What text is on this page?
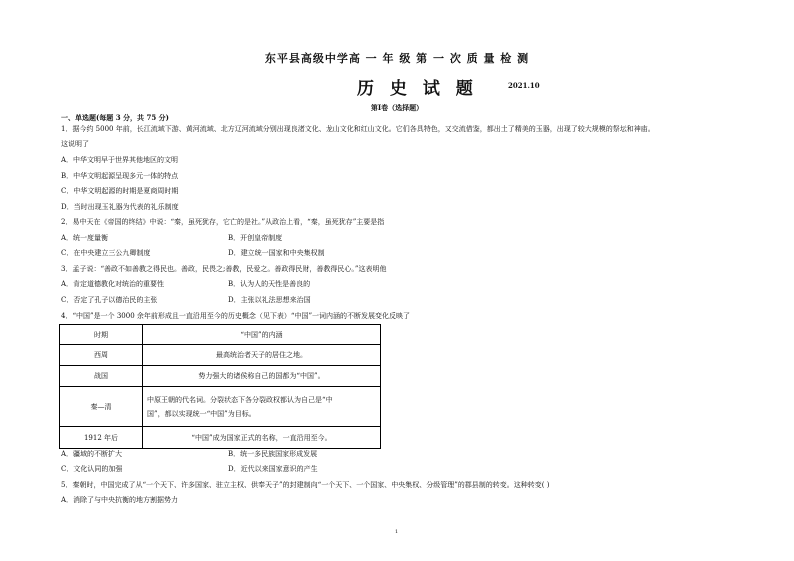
东平县高级中学高 一 年 级 第 一 次 质 量 检 测
历 史 试 题	2021.10
第Ⅰ卷（选择题）
一、单选题(每题 3 分，共 75 分)
1．据今约 5000 年前，长江流域下游、黄河流域、北方辽河流域分别出现良渚文化、龙山文化和红山文化。它们各具特色，又交流借鉴，都出土了精美的玉器，出现了较大规模的祭坛和神庙。
这说明了
A．中华文明早于世界其他地区的文明
B．中华文明起源呈现多元一体的特点
C．中华文明起源的时期是夏商周时期
D．当时出现玉礼器为代表的礼乐制度
2．易中天在《帝国的终结》中说：“秦，虽死犹存，它亡的是社。”从政治上看，“秦，虽死犹存”主要是指
A．统一度量衡	B．开创皇帝制度
C．在中央建立三公九卿制度	D．建立统一国家和中央集权制
3．孟子说：“善政不如善教之得民也。善政，民畏之;善教，民爱之。善政得民财，善教得民心。”这表明他
A．肯定道德教化对统治的重要性	B．认为人的天性是善良的
C．否定了孔子以德治民的主张	D．主张以礼法思想来治国
4．“中国”是一个 3000 余年前形成且一直沿用至今的历史概念（见下表）“中国”一词内涵的不断发展变化反映了
时期	“中国”的内涵
西周	最高统治者天子的居住之地。
战国	势力强大的诸侯称自己的国都为“中国”。
秦—清	中原王朝的代名词。分裂状态下各分裂政权都认为自己是“中
国”，都以实现统一“中国”为目标。

1912 年后	“中国”成为国家正式的名称，一直沿用至今。
A．疆域的不断扩大	B．统一多民族国家形成发展
C．文化认同的加强	D．近代以来国家意识的产生
5．秦朝时，中国完成了从“一个天下、许多国家、驻立主权、供奉天子”的封建制向“一个天下、一个国家、中央集权、分级管理”的郡县制的转变。这种转变( )
A．消除了与中央抗衡的地方割据势力
1
